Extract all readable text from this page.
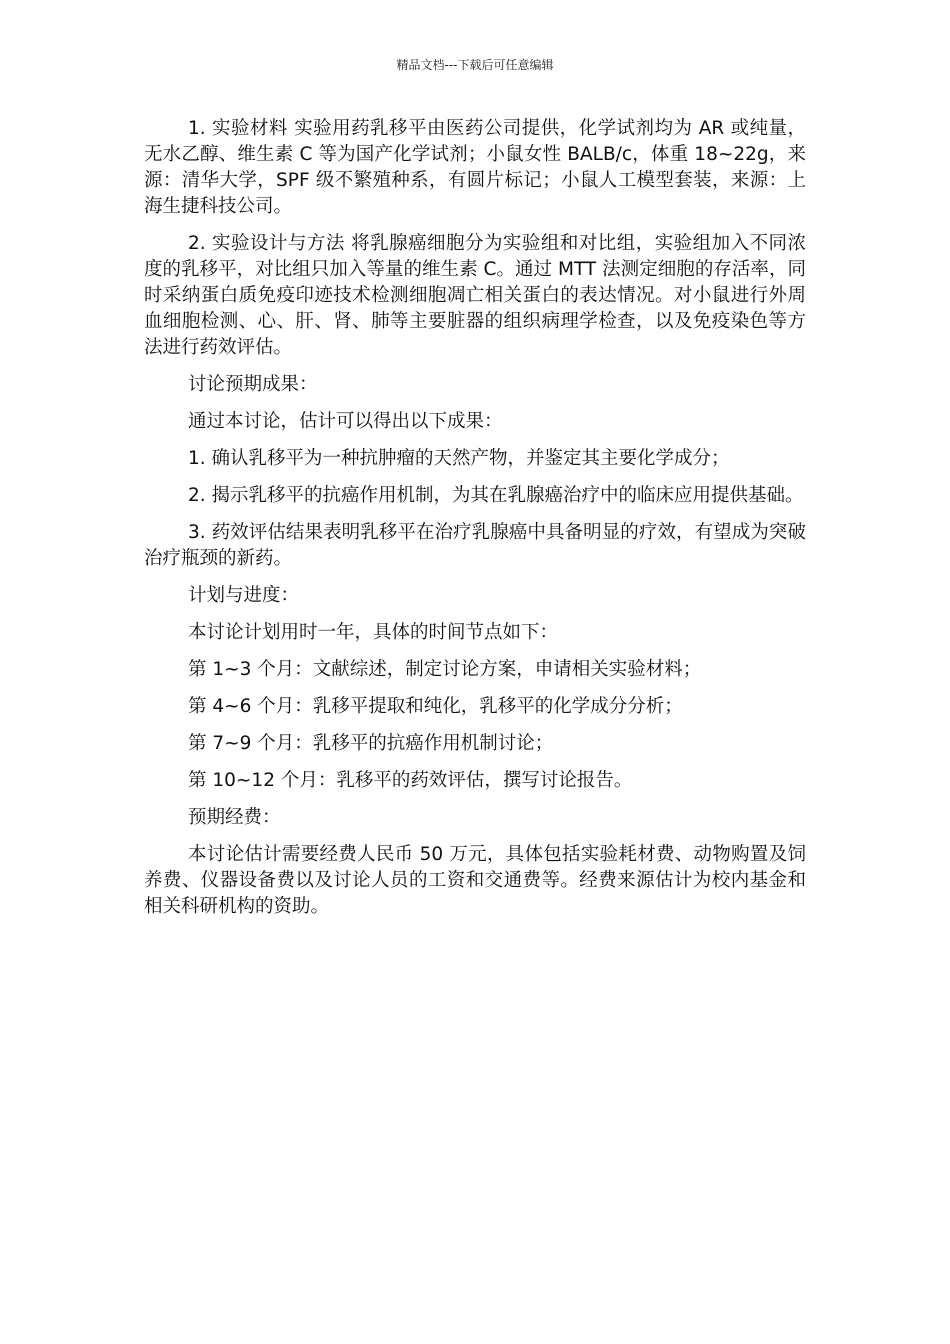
精品文档---下载后可任意编辑

1. 实验材料 实验用药乳移平由医药公司提供，化学试剂均为 AR 或纯量，无水乙醇、维生素 C 等为国产化学试剂；小鼠女性 BALB/c，体重 18~22g，来源：清华大学，SPF 级不繁殖种系，有圆片标记；小鼠人工模型套装，来源：上海生捷科技公司。

2. 实验设计与方法 将乳腺癌细胞分为实验组和对比组，实验组加入不同浓度的乳移平，对比组只加入等量的维生素 C。通过 MTT 法测定细胞的存活率，同时采纳蛋白质免疫印迹技术检测细胞凋亡相关蛋白的表达情况。对小鼠进行外周血细胞检测、心、肝、肾、肺等主要脏器的组织病理学检查，以及免疫染色等方法进行药效评估。

讨论预期成果：

通过本讨论，估计可以得出以下成果：

1. 确认乳移平为一种抗肿瘤的天然产物，并鉴定其主要化学成分；

2. 揭示乳移平的抗癌作用机制，为其在乳腺癌治疗中的临床应用提供基础。

3. 药效评估结果表明乳移平在治疗乳腺癌中具备明显的疗效，有望成为突破治疗瓶颈的新药。

计划与进度：

本讨论计划用时一年，具体的时间节点如下：

第 1~3 个月：文献综述，制定讨论方案，申请相关实验材料；

第 4~6 个月：乳移平提取和纯化，乳移平的化学成分分析；

第 7~9 个月：乳移平的抗癌作用机制讨论；

第 10~12 个月：乳移平的药效评估，撰写讨论报告。

预期经费：

本讨论估计需要经费人民币 50 万元，具体包括实验耗材费、动物购置及饲养费、仪器设备费以及讨论人员的工资和交通费等。经费来源估计为校内基金和相关科研机构的资助。
